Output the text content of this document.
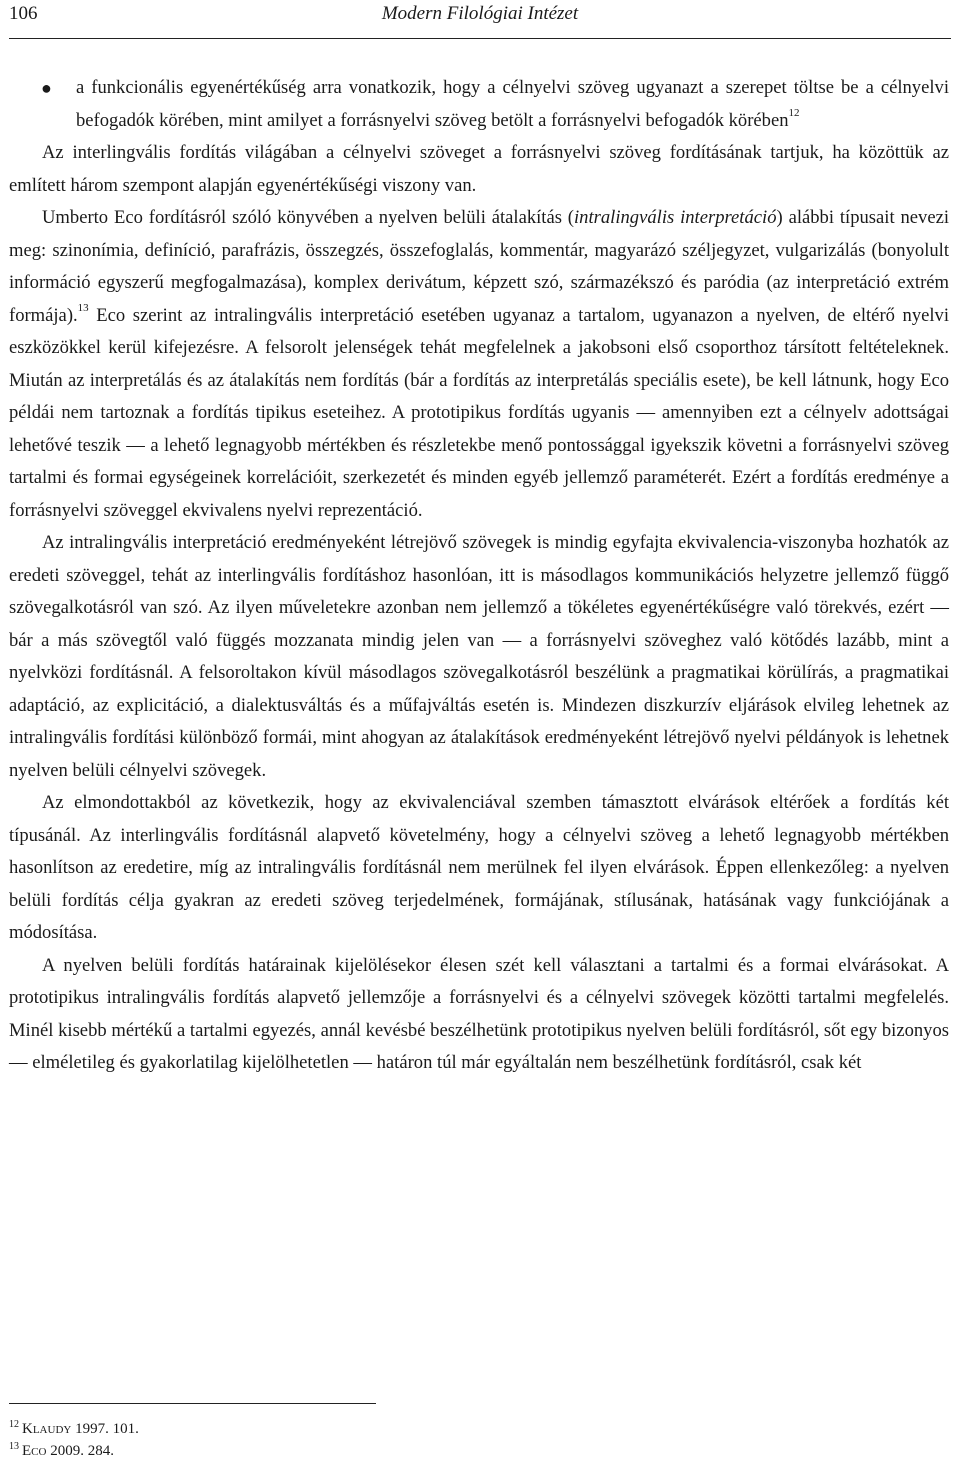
106	Modern Filológiai Intézet
● a funkcionális egyenértékűség arra vonatkozik, hogy a célnyelvi szöveg ugyanazt a szerepet töltse be a célnyelvi befogadók körében, mint amilyet a forrásnyelvi szöveg betölt a forrásnyelvi befogadók körében$^{12}$

Az interlingvális fordítás világában a célnyelvi szöveget a forrásnyelvi szöveg fordításának tartjuk, ha közöttük az említett három szempont alapján egyenértékűségi viszony van.

Umberto Eco fordításról szóló könyvében a nyelven belüli átalakítás (intralingvális interpretáció) alábbi típusait nevezi meg: szinonímia, definíció, parafrázis, összegzés, összefoglalás, kommentár, magyarázó széljegyzet, vulgarizálás (bonyolult információ egyszerű megfogalmazása), komplex derivátum, képzett szó, származékszó és paródia (az interpretáció extrém formája).$^{13}$ Eco szerint az intralingvális interpretáció esetében ugyanaz a tartalom, ugyanazon a nyelven, de eltérő nyelvi eszközökkel kerül kifejezésre. A felsorolt jelenségek tehát megfelelnek a jakobsoni első csoporthoz társított feltételeknek. Miután az interpretálás és az átalakítás nem fordítás (bár a fordítás az interpretálás speciális esete), be kell látnunk, hogy Eco példái nem tartoznak a fordítás tipikus eseteihez. A prototipikus fordítás ugyanis — amennyiben ezt a célnyelv adottságai lehetővé teszik — a lehető legnagyobb mértékben és részletekbe menő pontossággal igyekszik követni a forrásnyelvi szöveg tartalmi és formai egységeinek korrelációit, szerkezetét és minden egyéb jellemző paraméterét. Ezért a fordítás eredménye a forrásnyelvi szöveggel ekvivalens nyelvi reprezentáció.

Az intralingvális interpretáció eredményeként létrejövő szövegek is mindig egyfajta ekvivalencia-viszonyba hozhatók az eredeti szöveggel, tehát az interlingvális fordításhoz hasonlóan, itt is másodlagos kommunikációs helyzetre jellemző függő szövegalkotásról van szó. Az ilyen műveletekre azonban nem jellemző a tökéletes egyenértékűségre való törekvés, ezért — bár a más szövegtől való függés mozzanata mindig jelen van — a forrásnyelvi szöveghez való kötődés lazább, mint a nyelvközi fordításnál. A felsoroltakon kívül másodlagos szövegalkotásról beszélünk a pragmatikai körülírás, a pragmatikai adaptáció, az explicitáció, a dialektusváltás és a műfajváltás esetén is. Mindezen diszkurzív eljárások elvileg lehetnek az intralingvális fordítási különböző formái, mint ahogyan az átalakítások eredményeként létrejövő nyelvi példányok is lehetnek nyelven belüli célnyelvi szövegek.

Az elmondottakból az következik, hogy az ekvivalenciával szemben támasztott elvárások eltérőek a fordítás két típusánál. Az interlingvális fordításnál alapvető követelmény, hogy a célnyelvi szöveg a lehető legnagyobb mértékben hasonlítson az eredetire, míg az intralingvális fordításnál nem merülnek fel ilyen elvárások. Éppen ellenkezőleg: a nyelven belüli fordítás célja gyakran az eredeti szöveg terjedelmének, formájának, stílusának, hatásának vagy funkciójának a módosítása.

A nyelven belüli fordítás határainak kijelölésekor élesen szét kell választani a tartalmi és a formai elvárásokat. A prototipikus intralingvális fordítás alapvető jellemzője a forrásnyelvi és a célnyelvi szövegek közötti tartalmi megfelelés. Minél kisebb mértékű a tartalmi egyezés, annál kevésbé beszélhetünk prototipikus nyelven belüli fordításról, sőt egy bizonyos — elméletileg és gyakorlatilag kijelölhetetlen — határon túl már egyáltalán nem beszélhetünk fordításról, csak két

$^{12}$ Klaudy 1997. 101.
$^{13}$ Eco 2009. 284.
